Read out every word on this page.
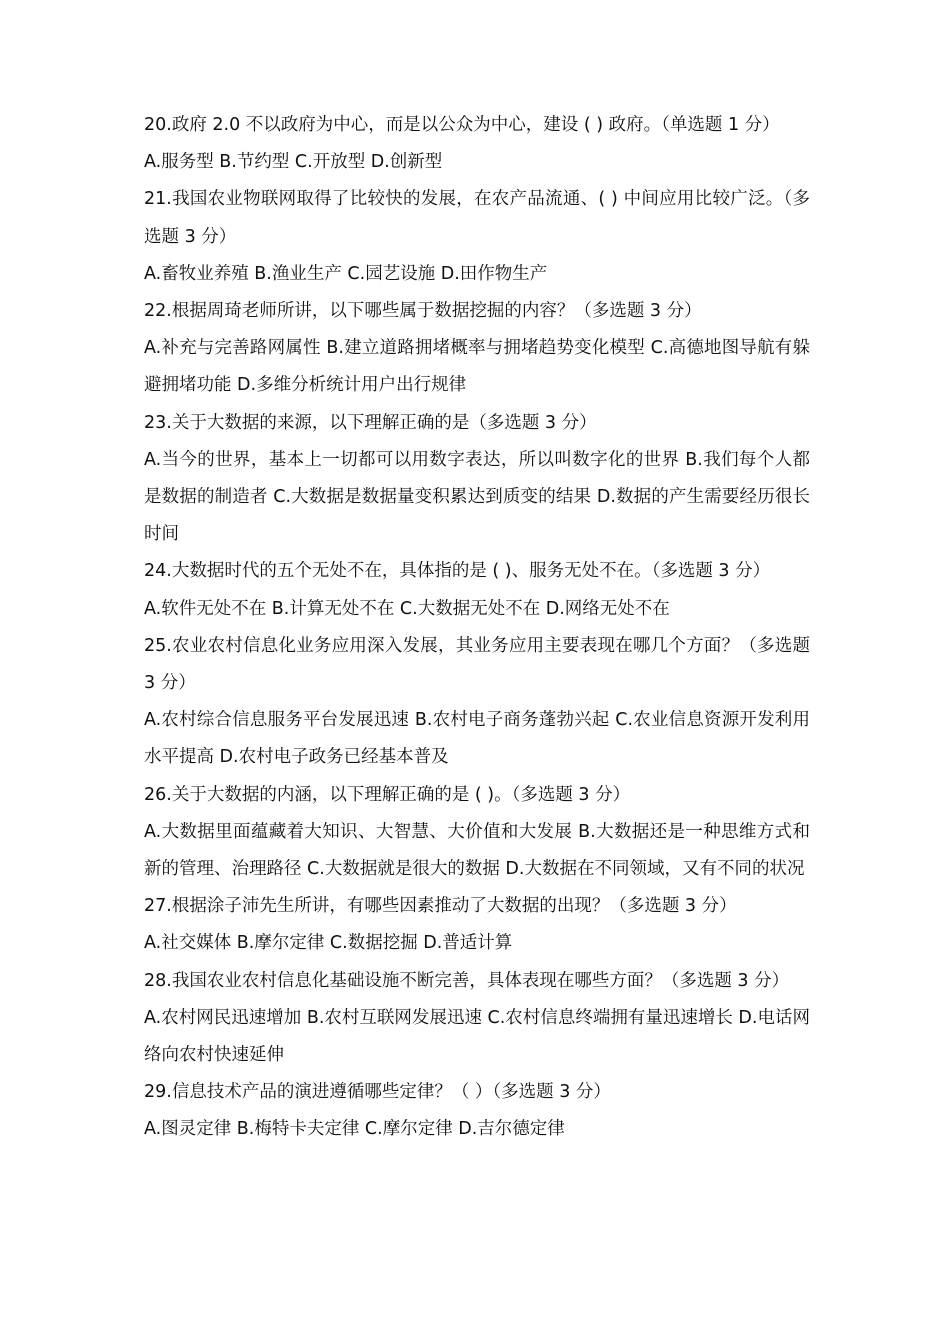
20.政府 2.0 不以政府为中心，而是以公众为中心，建设 ( ) 政府。（单选题 1 分）

A.服务型 B.节约型 C.开放型 D.创新型

21.我国农业物联网取得了比较快的发展，在农产品流通、( ) 中间应用比较广泛。（多选题 3 分）

A.畜牧业养殖 B.渔业生产 C.园艺设施 D.田作物生产

22.根据周琦老师所讲，以下哪些属于数据挖掘的内容？（多选题 3 分）

A.补充与完善路网属性 B.建立道路拥堵概率与拥堵趋势变化模型 C.高德地图导航有躲避拥堵功能 D.多维分析统计用户出行规律

23.关于大数据的来源，以下理解正确的是（多选题 3 分）

A.当今的世界，基本上一切都可以用数字表达，所以叫数字化的世界 B.我们每个人都是数据的制造者 C.大数据是数据量变积累达到质变的结果 D.数据的产生需要经历很长时间

24.大数据时代的五个无处不在，具体指的是 ( )、服务无处不在。（多选题 3 分）

A.软件无处不在 B.计算无处不在 C.大数据无处不在 D.网络无处不在

25.农业农村信息化业务应用深入发展，其业务应用主要表现在哪几个方面？（多选题 3 分）

A.农村综合信息服务平台发展迅速 B.农村电子商务蓬勃兴起 C.农业信息资源开发利用水平提高 D.农村电子政务已经基本普及

26.关于大数据的内涵，以下理解正确的是 ( )。（多选题 3 分）

A.大数据里面蕴藏着大知识、大智慧、大价值和大发展 B.大数据还是一种思维方式和新的管理、治理路径 C.大数据就是很大的数据 D.大数据在不同领域，又有不同的状况

27.根据涂子沛先生所讲，有哪些因素推动了大数据的出现？（多选题 3 分）

A.社交媒体 B.摩尔定律 C.数据挖掘 D.普适计算

28.我国农业农村信息化基础设施不断完善，具体表现在哪些方面？（多选题 3 分）

A.农村网民迅速增加 B.农村互联网发展迅速 C.农村信息终端拥有量迅速增长 D.电话网络向农村快速延伸

29.信息技术产品的演进遵循哪些定律？（ ）（多选题 3 分）

A.图灵定律 B.梅特卡夫定律 C.摩尔定律 D.吉尔德定律
